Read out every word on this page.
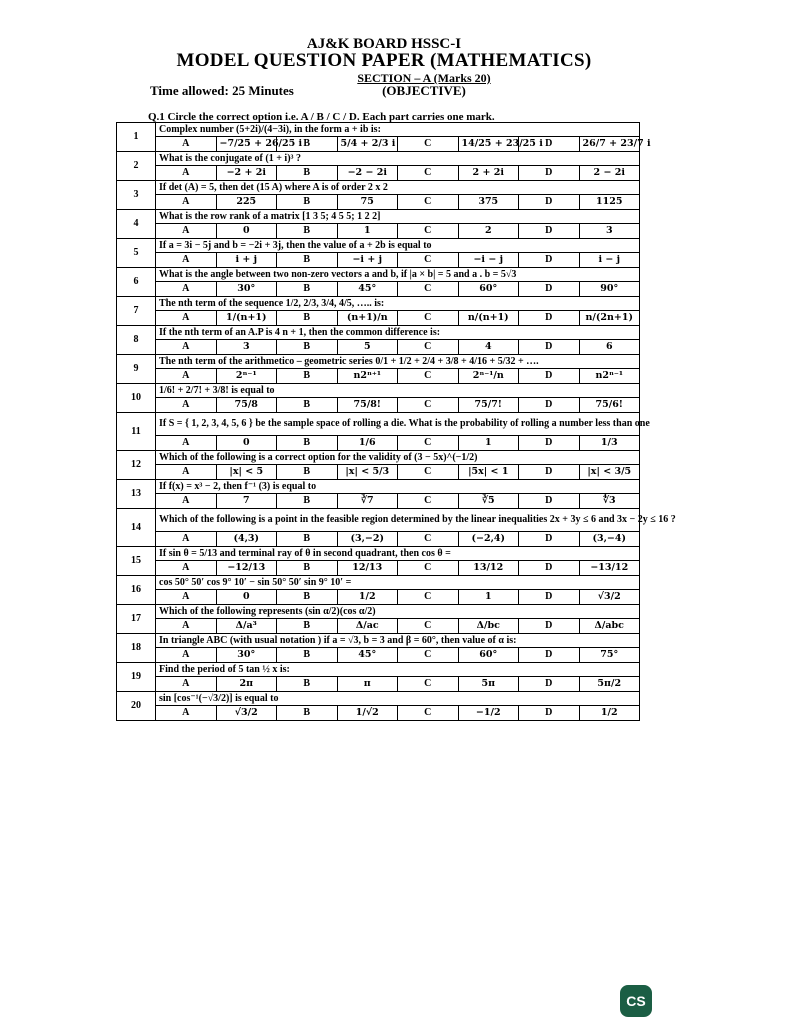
AJ&K BOARD HSSC-I
MODEL QUESTION PAPER (MATHEMATICS)
SECTION – A (Marks 20)
(OBJECTIVE)
Time allowed: 25 Minutes
Q.1 Circle the correct option i.e. A / B / C / D. Each part carries one mark.
1	Complex number (5+2i)/(4−3i), in the form a + ib is:							
	A	−7/25 + 26/25 i	B	5/4 + 2/3 i	C	14/25 + 23/25 i	D	26/7 + 23/7 i
2	What is the conjugate of (1 + i)³ ?							
	A	−2 + 2i	B	−2 − 2i	C	2 + 2i	D	2 − 2i
3	If det (A) = 5, then det (15 A) where A is of order 2 x 2							
	A	225	B	75	C	375	D	1125
4	What is the row rank of a matrix [1 3 5; 4 5 5; 1 2 2]							
	A	0	B	1	C	2	D	3
5	If a = 3i − 5j and b = −2i + 3j, then the value of a + 2b is equal to							
	A	i + j	B	−i + j	C	−i − j	D	i − j
6	What is the angle between two non-zero vectors a and b, if |a × b| = 5 and a . b = 5√3							
	A	30°	B	45°	C	60°	D	90°
7	The nth term of the sequence 1/2, 2/3, 3/4, 4/5, ….. is:							
	A	1/(n+1)	B	(n+1)/n	C	n/(n+1)	D	n/(2n+1)
8	If the nth term of an A.P is 4 n + 1, then the common difference is:							
	A	3	B	5	C	4	D	6
9	The nth term of the arithmetico – geometric series 0/1 + 1/2 + 2/4 + 3/8 + 4/16 + 5/32 + ….							
	A	2ⁿ⁻¹	B	n2ⁿ⁺¹	C	2ⁿ⁻¹/n	D	n2ⁿ⁻¹
10	1/6! + 2/7! + 3/8! is equal to							
	A	75/8	B	75/8!	C	75/7!	D	75/6!
11	If S = { 1, 2, 3, 4, 5, 6 } be the sample space of rolling a die. What is the probability of rolling a number less than one							
	A	0	B	1/6	C	1	D	1/3
12	Which of the following is a correct option for the validity of (3 − 5x)^(−1/2)							
	A	|x| < 5	B	|x| < 5/3	C	|5x| < 1	D	|x| < 3/5
13	If f(x) = x³ − 2, then f⁻¹ (3) is equal to							
	A	7	B	∛7	C	∛5	D	∜3
14	Which of the following is a point in the feasible region determined by the linear inequalities 2x + 3y ≤ 6 and 3x − 2y ≤ 16 ?							
	A	(4,3)	B	(3,−2)	C	(−2,4)	D	(3,−4)
15	If sin θ = 5/13 and terminal ray of θ in second quadrant, then cos θ =							
	A	−12/13	B	12/13	C	13/12	D	−13/12
16	cos 50° 50′ cos 9° 10′ − sin 50° 50′ sin 9° 10′ =							
	A	0	B	1/2	C	1	D	√3/2
17	Which of the following represents (sin α/2)(cos α/2)							
	A	Δ/a³	B	Δ/ac	C	Δ/bc	D	Δ/abc
18	In triangle ABC (with usual notation ) if a = √3, b = 3 and β = 60°, then value of α is:							
	A	30°	B	45°	C	60°	D	75°
19	Find the period of 5 tan ½ x is:							
	A	2π	B	π	C	5π	D	5π/2
20	sin [cos⁻¹(−√3/2)] is equal to							
	A	√3/2	B	1/√2	C	−1/2	D	1/2
CS
